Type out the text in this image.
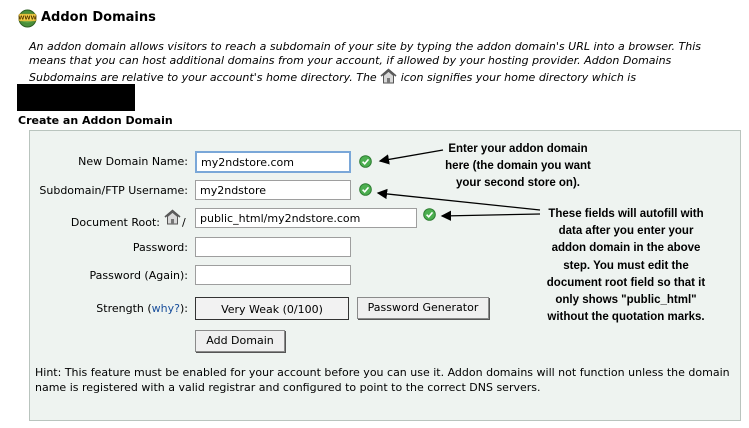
WWW Addon Domains
An addon domain allows visitors to reach a subdomain of your site by typing the addon domain's URL into a browser. This means that you can host additional domains from your account, if allowed by your hosting provider. Addon Domains Subdomains are relative to your account's home directory. The icon signifies your home directory which is
Create an Addon Domain
New Domain Name:
my2ndstore.com
Subdomain/FTP Username:
my2ndstore
Document Root: /
public_html/my2ndstore.com
Password:
Password (Again):
Strength (why?):	Very Weak (0/100)	Password Generator
Add Domain
Hint: This feature must be enabled for your account before you can use it. Addon domains will not function unless the domain name is registered with a valid registrar and configured to point to the correct DNS servers.
Enter your addon domain
here (the domain you want
your second store on).
These fields will autofill with
data after you enter your
addon domain in the above
step. You must edit the
document root field so that it
only shows "public_html"
without the quotation marks.
